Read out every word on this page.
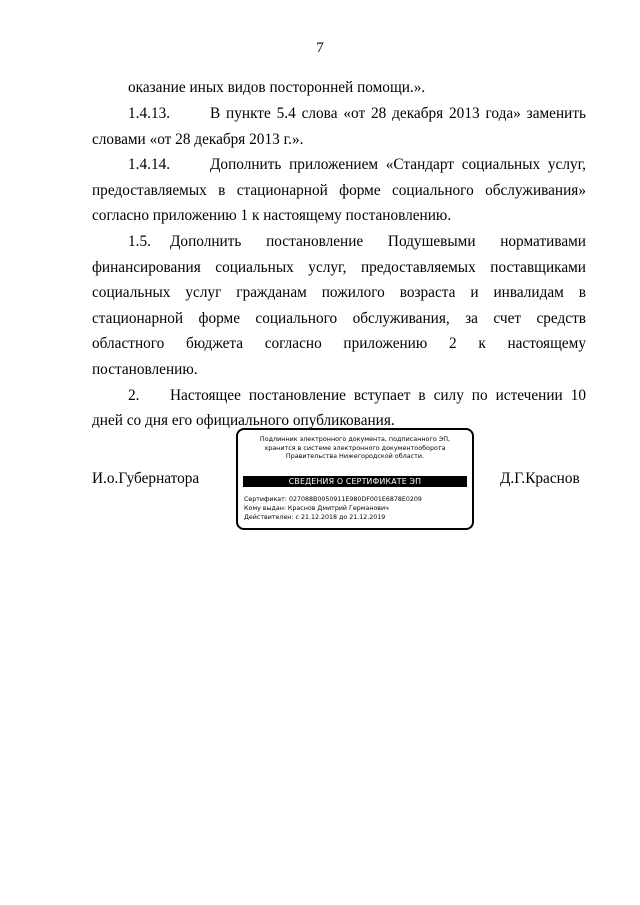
7

оказание иных видов посторонней помощи.».

1.4.13.	В пункте 5.4 слова «от 28 декабря 2013 года» заменить словами «от 28 декабря 2013 г.».

1.4.14.	Дополнить приложением «Стандарт социальных услуг, предоставляемых в стационарной форме социального обслуживания» согласно приложению 1 к настоящему постановлению.

1.5. Дополнить постановление Подушевыми нормативами финансирования социальных услуг, предоставляемых поставщиками социальных услуг гражданам пожилого возраста и инвалидам в стационарной форме социального обслуживания, за счет средств областного бюджета согласно приложению 2 к настоящему постановлению.

2. Настоящее постановление вступает в силу по истечении 10 дней со дня его официального опубликования.

И.о.Губернатора	Д.Г.Краснов
Подлинник электронного документа, подписанного ЭП,
хранится в системе электронного документооборота
Правительства Нижегородской области.
СВЕДЕНИЯ О СЕРТИФИКАТЕ ЭП
Сертификат: 027088B0050911E980DF001E6878E0209
Кому выдан: Краснов Дмитрий Германович
Действителен: с 21.12.2018 до 21.12.2019
